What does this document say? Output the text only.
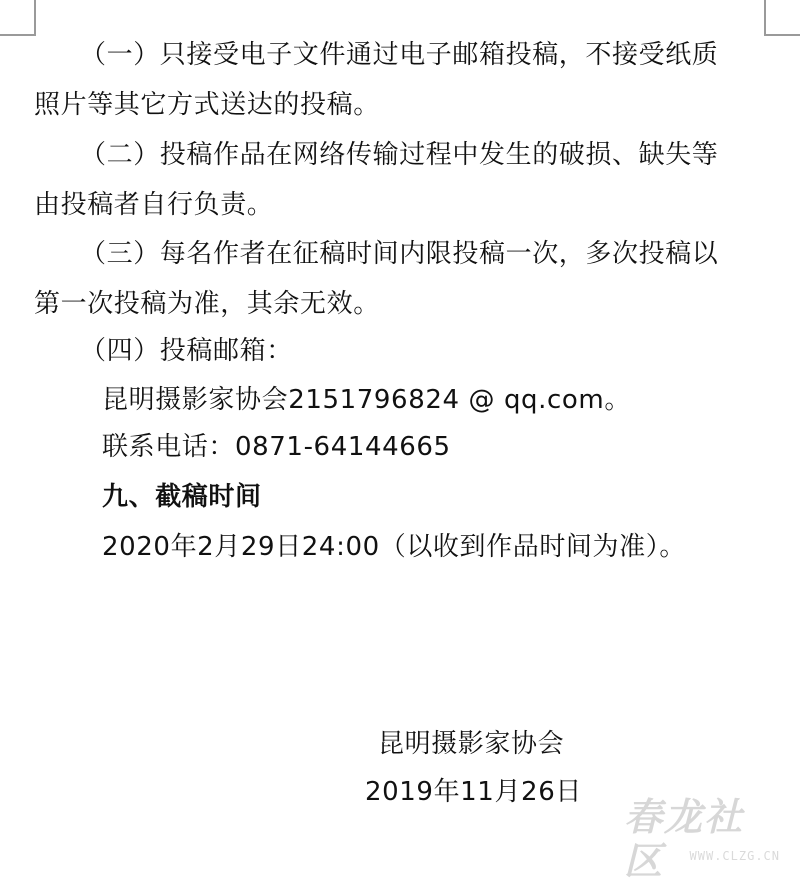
（一）只接受电子文件通过电子邮箱投稿，不接受纸质
照片等其它方式送达的投稿。
（二）投稿作品在网络传输过程中发生的破损、缺失等
由投稿者自行负责。
（三）每名作者在征稿时间内限投稿一次，多次投稿以
第一次投稿为准，其余无效。
（四）投稿邮箱：
昆明摄影家协会2151796824 @ qq.com。
联系电话：0871-64144665
九、截稿时间
2020年2月29日24:00（以收到作品时间为准）。
昆明摄影家协会
2019年11月26日
春龙社区	WWW.CLZG.CN
